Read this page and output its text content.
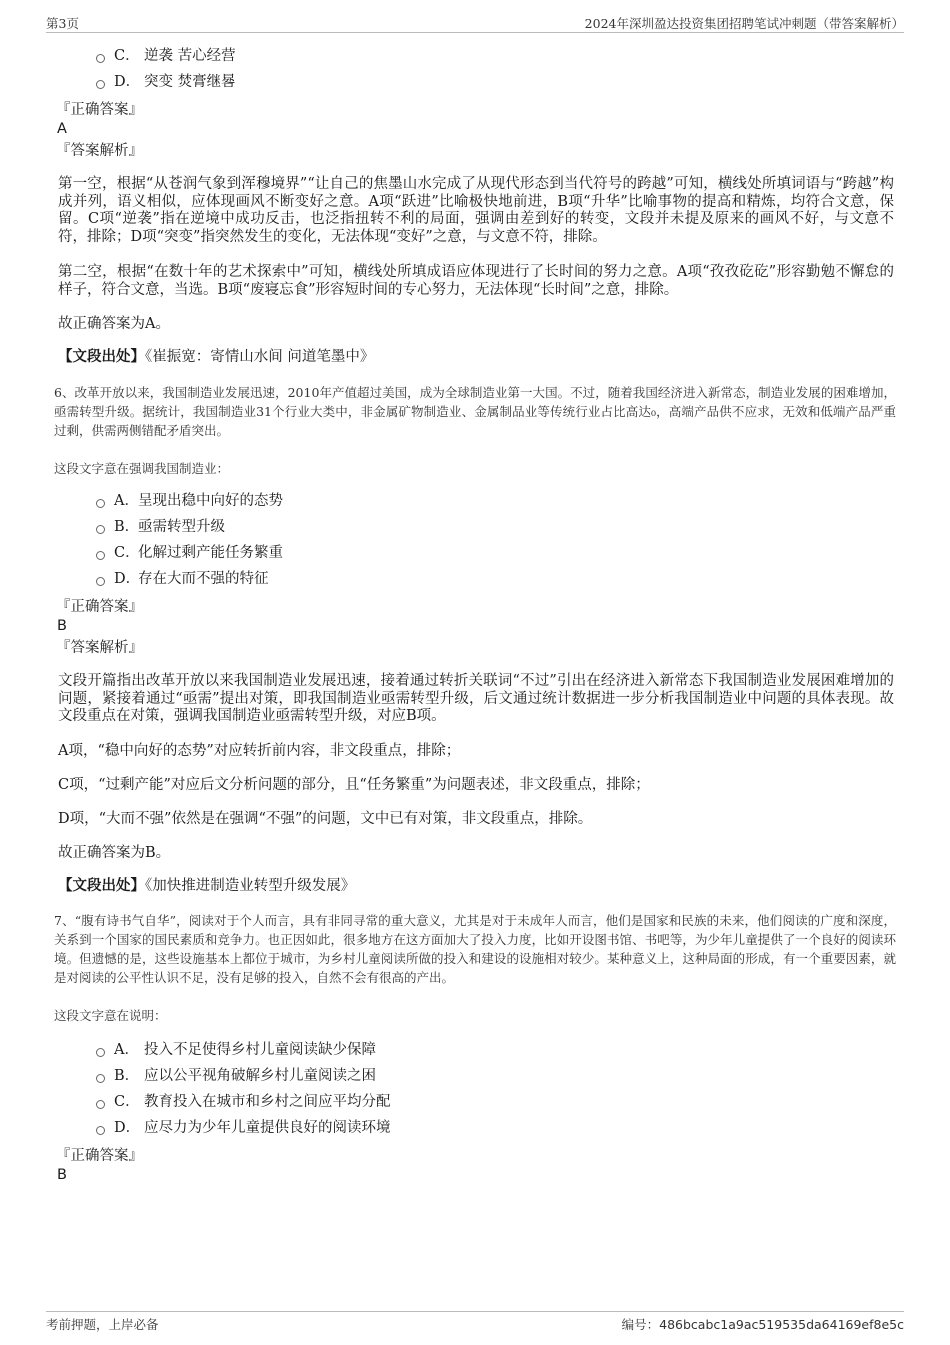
第3页	2024年深圳盈达投资集团招聘笔试冲刺题（带答案解析）
C． 逆袭 苦心经营
D． 突变 焚膏继晷
『正确答案』
A
『答案解析』
第一空，根据“从苍润气象到浑穆境界”“让自己的焦墨山水完成了从现代形态到当代符号的跨越”可知，横线处所填词语与“跨越”构成并列，语义相似，应体现画风不断变好之意。A项“跃进”比喻极快地前进，B项“升华”比喻事物的提高和精炼，均符合文意，保留。C项“逆袭”指在逆境中成功反击，也泛指扭转不利的局面，强调由差到好的转变，文段并未提及原来的画风不好，与文意不符，排除；D项“突变”指突然发生的变化，无法体现“变好”之意，与文意不符，排除。
第二空，根据“在数十年的艺术探索中”可知，横线处所填成语应体现进行了长时间的努力之意。A项“孜孜矻矻”形容勤勉不懈怠的样子，符合文意，当选。B项“废寝忘食”形容短时间的专心努力，无法体现“长时间”之意，排除。
故正确答案为A。
【文段出处】《崔振宽：寄情山水间 问道笔墨中》
6、改革开放以来，我国制造业发展迅速，2010年产值超过美国，成为全球制造业第一大国。不过，随着我国经济进入新常态，制造业发展的困难增加，亟需转型升级。据统计，我国制造业31个行业大类中，非金属矿物制造业、金属制品业等传统行业占比高达₀，高端产品供不应求，无效和低端产品严重过剩，供需两侧错配矛盾突出。
这段文字意在强调我国制造业：
A．呈现出稳中向好的态势
B．亟需转型升级
C．化解过剩产能任务繁重
D．存在大而不强的特征
『正确答案』
B
『答案解析』
文段开篇指出改革开放以来我国制造业发展迅速，接着通过转折关联词“不过”引出在经济进入新常态下我国制造业发展困难增加的问题，紧接着通过“亟需”提出对策，即我国制造业亟需转型升级，后文通过统计数据进一步分析我国制造业中问题的具体表现。故文段重点在对策，强调我国制造业亟需转型升级，对应B项。
A项，“稳中向好的态势”对应转折前内容，非文段重点，排除；
C项，“过剩产能”对应后文分析问题的部分，且“任务繁重”为问题表述，非文段重点，排除；
D项，“大而不强”依然是在强调“不强”的问题，文中已有对策，非文段重点，排除。
故正确答案为B。
【文段出处】《加快推进制造业转型升级发展》
7、“腹有诗书气自华”，阅读对于个人而言，具有非同寻常的重大意义，尤其是对于未成年人而言，他们是国家和民族的未来，他们阅读的广度和深度，关系到一个国家的国民素质和竞争力。也正因如此，很多地方在这方面加大了投入力度，比如开设图书馆、书吧等，为少年儿童提供了一个良好的阅读环境。但遗憾的是，这些设施基本上都位于城市，为乡村儿童阅读所做的投入和建设的设施相对较少。某种意义上，这种局面的形成，有一个重要因素，就是对阅读的公平性认识不足，没有足够的投入，自然不会有很高的产出。
这段文字意在说明：
A． 投入不足使得乡村儿童阅读缺少保障
B． 应以公平视角破解乡村儿童阅读之困
C． 教育投入在城市和乡村之间应平均分配
D． 应尽力为少年儿童提供良好的阅读环境
『正确答案』
B
考前押题，上岸必备	编号：486bcabc1a9ac519535da64169ef8e5c
